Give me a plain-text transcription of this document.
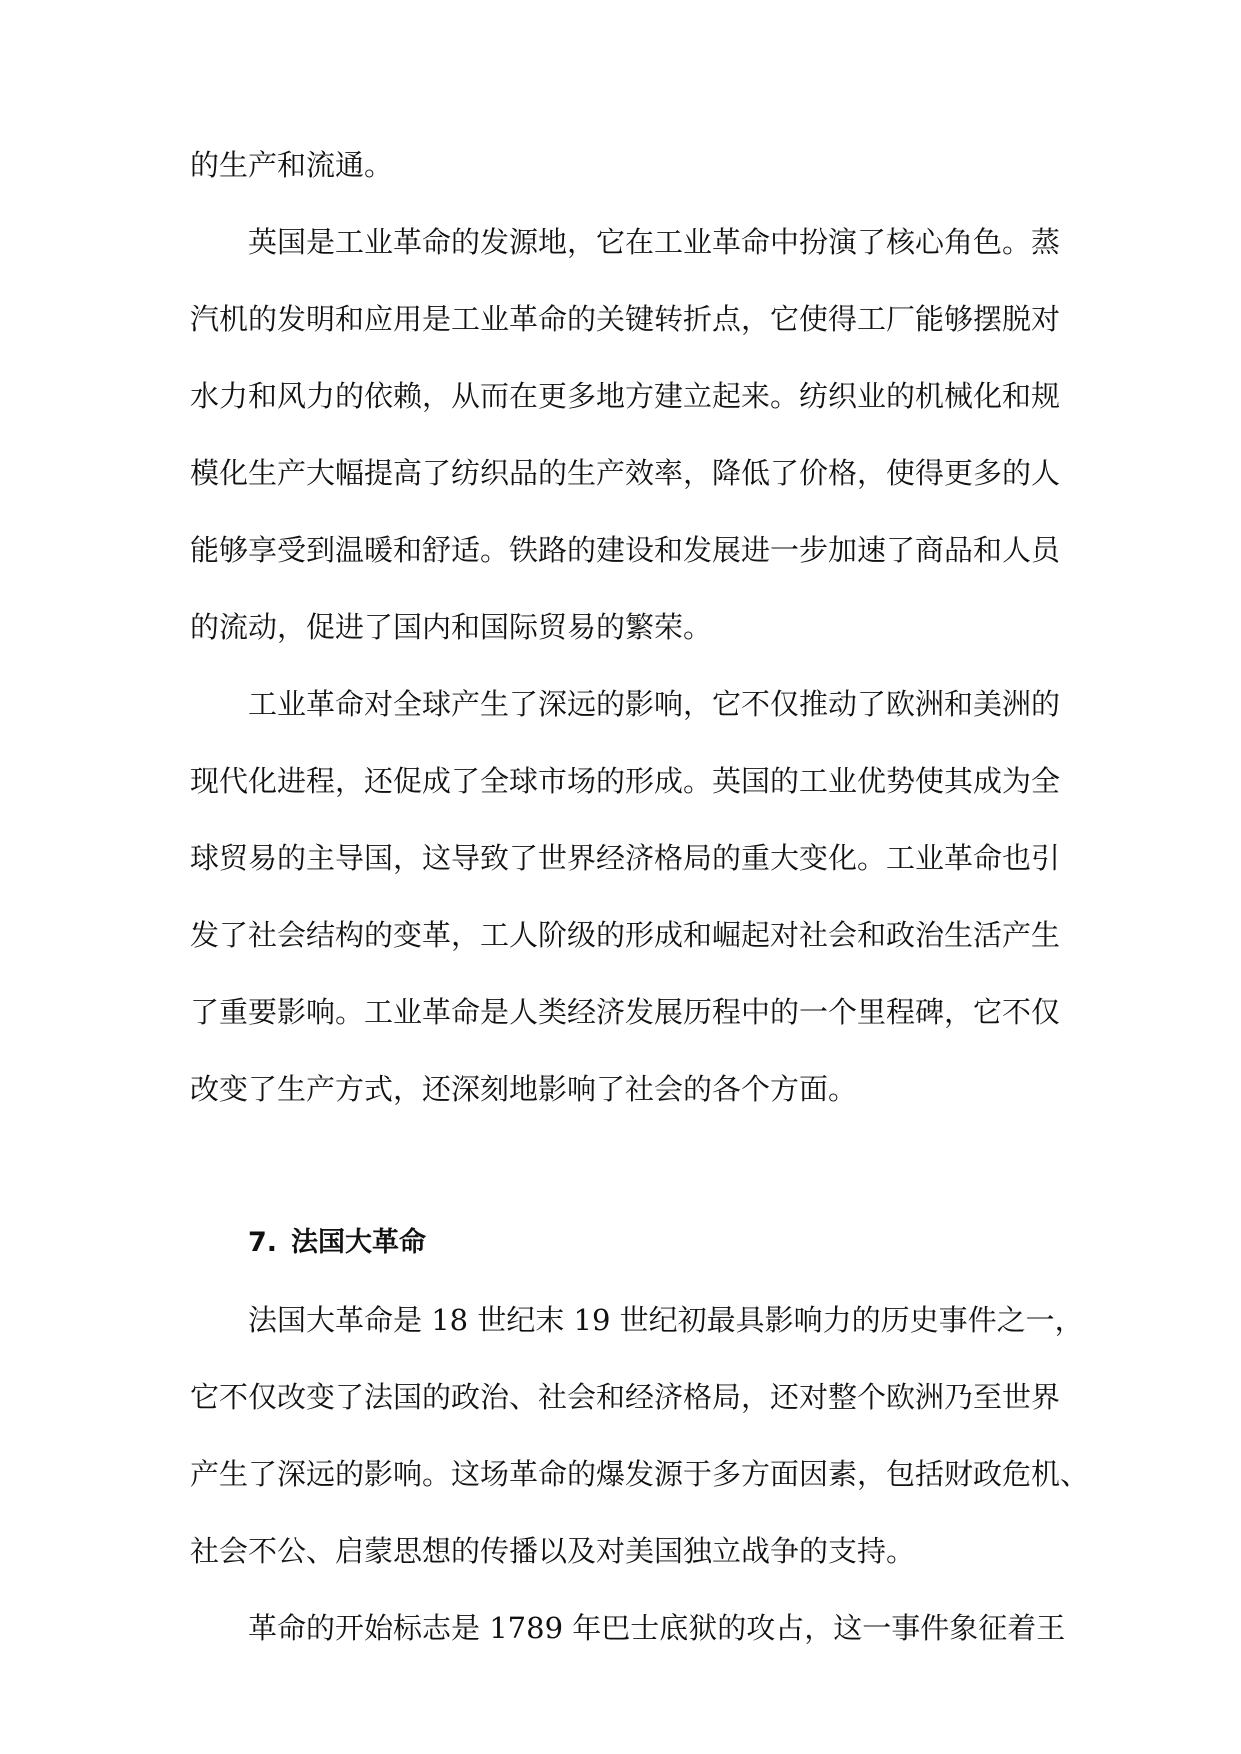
的生产和流通。
英国是工业革命的发源地，它在工业革命中扮演了核心角色。蒸
汽机的发明和应用是工业革命的关键转折点，它使得工厂能够摆脱对
水力和风力的依赖，从而在更多地方建立起来。纺织业的机械化和规
模化生产大幅提高了纺织品的生产效率，降低了价格，使得更多的人
能够享受到温暖和舒适。铁路的建设和发展进一步加速了商品和人员
的流动，促进了国内和国际贸易的繁荣。
工业革命对全球产生了深远的影响，它不仅推动了欧洲和美洲的
现代化进程，还促成了全球市场的形成。英国的工业优势使其成为全
球贸易的主导国，这导致了世界经济格局的重大变化。工业革命也引
发了社会结构的变革，工人阶级的形成和崛起对社会和政治生活产生
了重要影响。工业革命是人类经济发展历程中的一个里程碑，它不仅
改变了生产方式，还深刻地影响了社会的各个方面。
7. 法国大革命
法国大革命是 18 世纪末 19 世纪初最具影响力的历史事件之一，
它不仅改变了法国的政治、社会和经济格局，还对整个欧洲乃至世界
产生了深远的影响。这场革命的爆发源于多方面因素，包括财政危机、
社会不公、启蒙思想的传播以及对美国独立战争的支持。
革命的开始标志是 1789 年巴士底狱的攻占，这一事件象征着王
